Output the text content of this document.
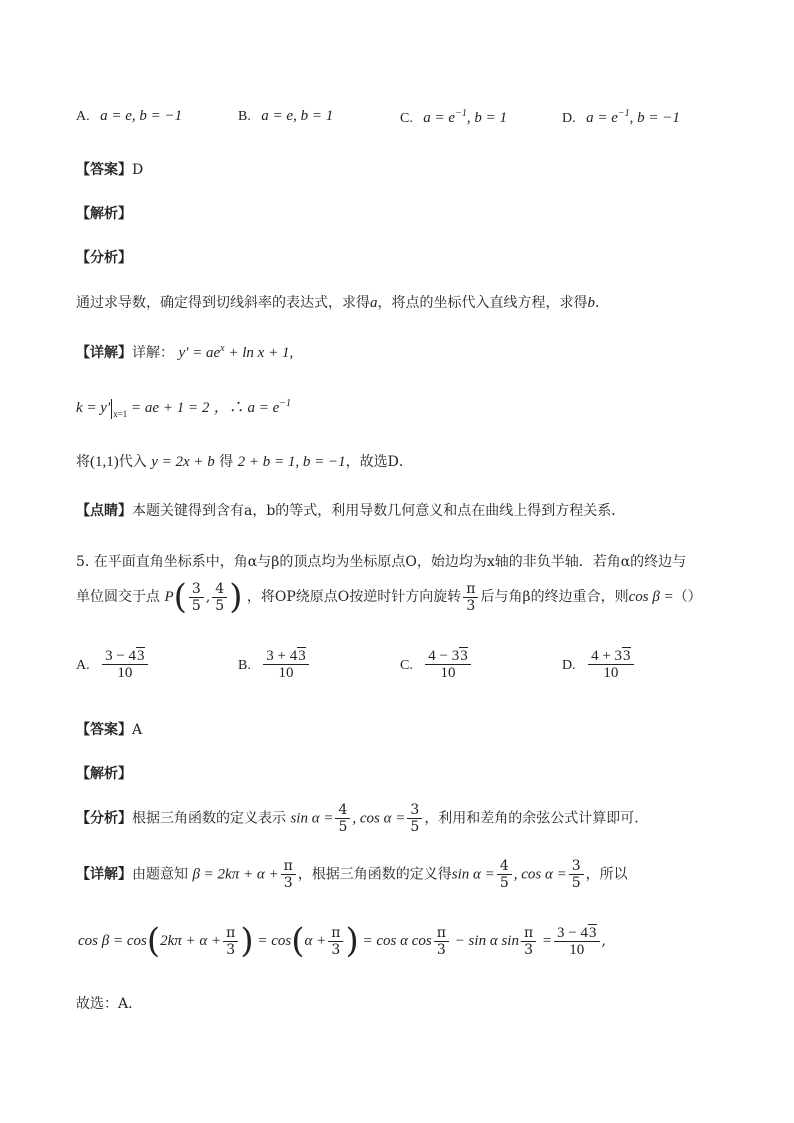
A. a = e, b = −1	B. a = e, b = 1	C. $a = e^{-1}$, b = 1	D. $a = e^{-1}$, b = −1
【答案】D
【解析】
【分析】
通过求导数，确定得到切线斜率的表达式，求得a，将点的坐标代入直线方程，求得b．
【详解】详解： $y' = ae^x + \ln x + 1$,
k = y′ $_{x=1}$ = ae + 1 = 2 ，∴ $a = e^{-1}$
将(1,1)代入 y = 2x + b 得 2 + b = 1, b = −1，故选D．
【点睛】本题关键得到含有a，b的等式，利用导数几何意义和点在曲线上得到方程关系．
5. 在平面直角坐标系中，角α与β的顶点均为坐标原点O，始边均为x轴的非负半轴．若角α的终边与
单位圆交于点 $P( \frac{3}{5}$ , $\frac{4}{5}$ ) ，将OP绕原点O按逆时针方向旋转 $\frac{\pi}{3}$ 后与角β的终边重合，则cos β =（）
A. $\frac{3 - 43}{10}$	B. $\frac{3 + 43}{10}$	C. $\frac{4 - 33}{10}$	D. $\frac{4 + 33}{10}$
【答案】A
【解析】
【分析】根据三角函数的定义表示 $\sin \alpha = \frac{4}{5}$ , $\cos \alpha = \frac{3}{5}$ ，利用和差角的余弦公式计算即可.
【详解】由题意知 $\beta = 2k\pi + \alpha + \frac{\pi}{3}$ ，根据三角函数的定义得$\sin \alpha = \frac{4}{5}$ , $\cos \alpha = \frac{3}{5}$ ，所以
$\cos \beta = \cos(2k\pi + \alpha + \frac{\pi}{3}$ ) = $\cos(\alpha + \frac{\pi}{3}$ ) = cos α $\cos \frac{\pi}{3} - \sin \alpha$ $\sin \frac{\pi}{3} = \frac{3 - 43}{10}$ ,
故选：A．
